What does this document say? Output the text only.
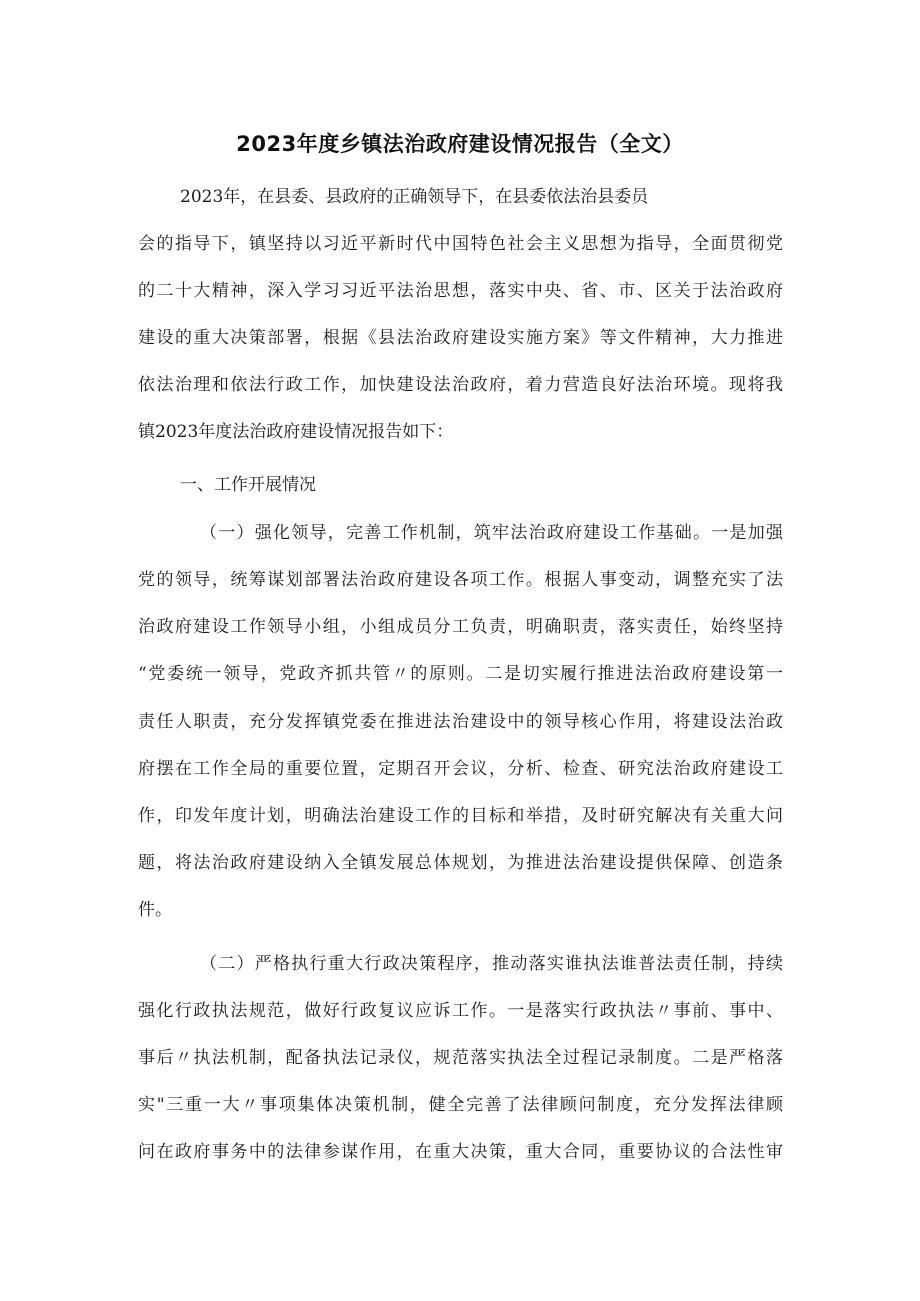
2023年度乡镇法治政府建设情况报告（全文）
2023年，在县委、县政府的正确领导下，在县委依法治县委员
会的指导下，镇坚持以习近平新时代中国特色社会主义思想为指导，全面贯彻党
的二十大精神，深入学习习近平法治思想，落实中央、省、市、区关于法治政府
建设的重大决策部署，根据《县法治政府建设实施方案》等文件精神，大力推进
依法治理和依法行政工作，加快建设法治政府，着力营造良好法治环境。现将我
镇2023年度法治政府建设情况报告如下：
一、工作开展情况
（一）强化领导，完善工作机制，筑牢法治政府建设工作基础。一是加强
党的领导，统筹谋划部署法治政府建设各项工作。根据人事变动，调整充实了法
治政府建设工作领导小组，小组成员分工负责，明确职责，落实责任，始终坚持
“党委统一领导，党政齐抓共管〃的原则。二是切实履行推进法治政府建设第一
责任人职责，充分发挥镇党委在推进法治建设中的领导核心作用，将建设法治政
府摆在工作全局的重要位置，定期召开会议，分析、检查、研究法治政府建设工
作，印发年度计划，明确法治建设工作的目标和举措，及时研究解决有关重大问
题，将法治政府建设纳入全镇发展总体规划，为推进法治建设提供保障、创造条
件。
（二）严格执行重大行政决策程序，推动落实谁执法谁普法责任制，持续
强化行政执法规范，做好行政复议应诉工作。一是落实行政执法〃事前、事中、
事后〃执法机制，配备执法记录仪，规范落实执法全过程记录制度。二是严格落
实"三重一大〃事项集体决策机制，健全完善了法律顾问制度，充分发挥法律顾
问在政府事务中的法律参谋作用，在重大决策，重大合同，重要协议的合法性审
